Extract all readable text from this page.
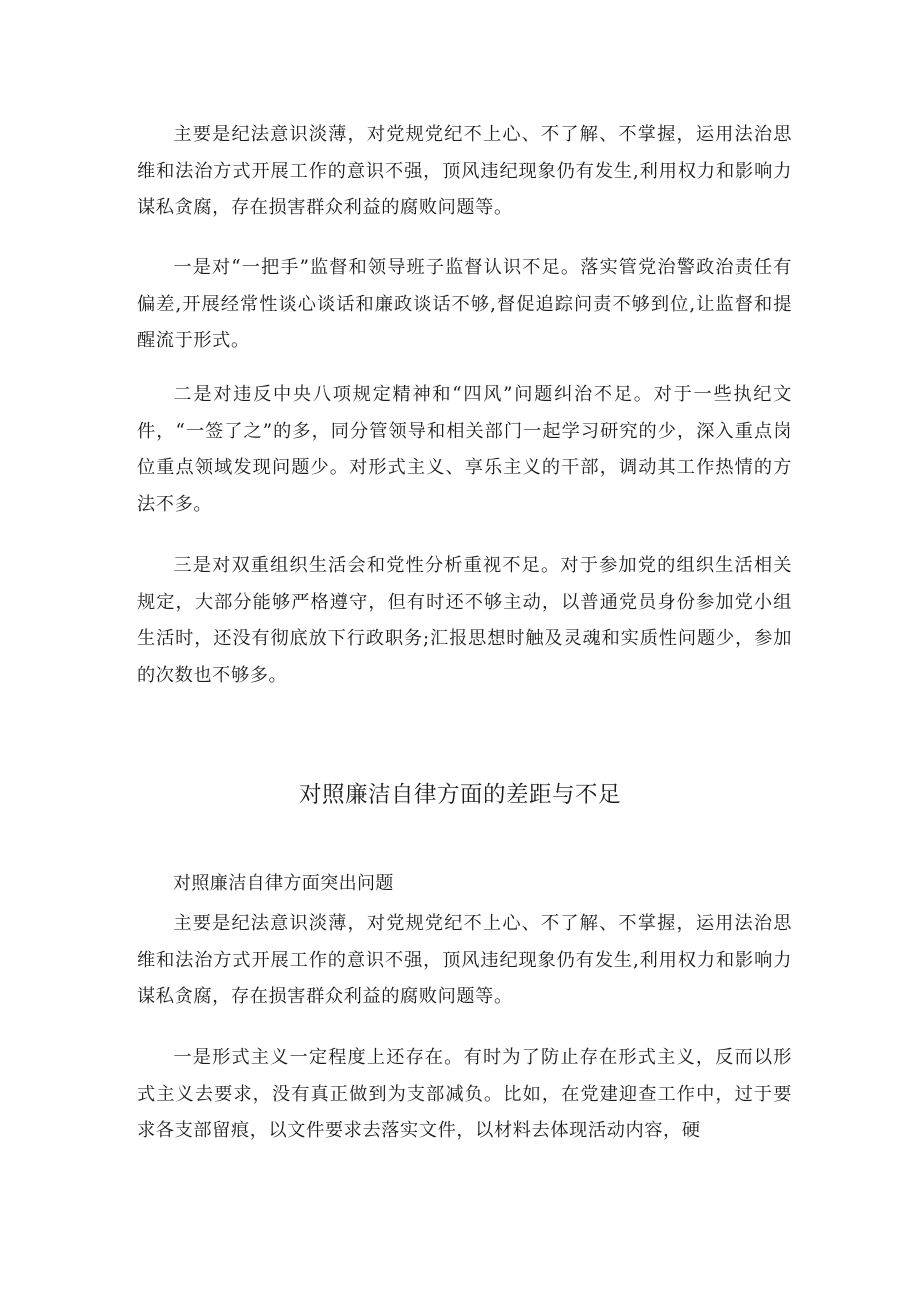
主要是纪法意识淡薄，对党规党纪不上心、不了解、不掌握，运用法治思维和法治方式开展工作的意识不强，顶风违纪现象仍有发生,利用权力和影响力谋私贪腐，存在损害群众利益的腐败问题等。

一是对“一把手”监督和领导班子监督认识不足。落实管党治警政治责任有偏差,开展经常性谈心谈话和廉政谈话不够,督促追踪问责不够到位,让监督和提醒流于形式。

二是对违反中央八项规定精神和“四风”问题纠治不足。对于一些执纪文件，“一签了之”的多，同分管领导和相关部门一起学习研究的少，深入重点岗位重点领域发现问题少。对形式主义、享乐主义的干部，调动其工作热情的方法不多。

三是对双重组织生活会和党性分析重视不足。对于参加党的组织生活相关规定，大部分能够严格遵守，但有时还不够主动，以普通党员身份参加党小组生活时，还没有彻底放下行政职务;汇报思想时触及灵魂和实质性问题少，参加的次数也不够多。

对照廉洁自律方面的差距与不足

对照廉洁自律方面突出问题

主要是纪法意识淡薄，对党规党纪不上心、不了解、不掌握，运用法治思维和法治方式开展工作的意识不强，顶风违纪现象仍有发生,利用权力和影响力谋私贪腐，存在损害群众利益的腐败问题等。

一是形式主义一定程度上还存在。有时为了防止存在形式主义，反而以形式主义去要求，没有真正做到为支部减负。比如，在党建迎查工作中，过于要求各支部留痕，以文件要求去落实文件，以材料去体现活动内容，硬
